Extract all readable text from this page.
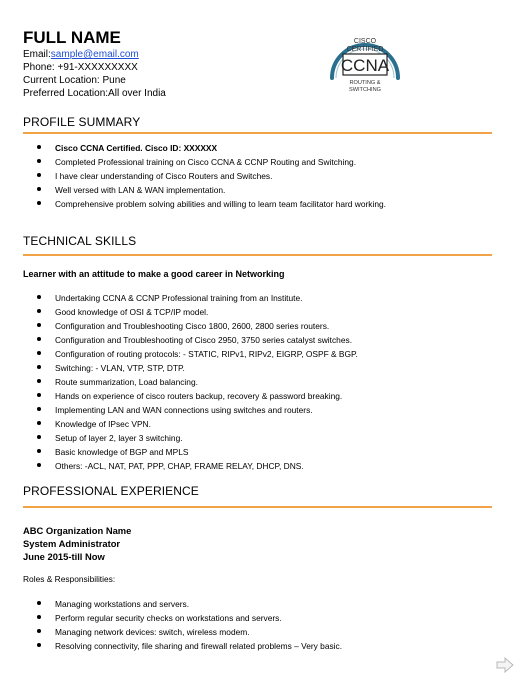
FULL NAME
Email:sample@email.com
Phone: +91-XXXXXXXXX
Current Location: Pune
Preferred Location:All over India
CISCO
CERTIFIED
CCNA
ROUTING &
SWITCHING
PROFILE SUMMARY
Cisco CCNA Certified. Cisco ID: XXXXXX
Completed Professional training on Cisco CCNA & CCNP Routing and Switching.
I have clear understanding of Cisco Routers and Switches.
Well versed with LAN & WAN implementation.
Comprehensive problem solving abilities and willing to learn team facilitator hard working.
TECHNICAL SKILLS
Learner with an attitude to make a good career in Networking
Undertaking CCNA & CCNP Professional training from an Institute.
Good knowledge of OSI & TCP/IP model.
Configuration and Troubleshooting Cisco 1800, 2600, 2800 series routers.
Configuration and Troubleshooting of Cisco 2950, 3750 series catalyst switches.
Configuration of routing protocols: - STATIC, RIPv1, RIPv2, EIGRP, OSPF & BGP.
Switching: - VLAN, VTP, STP, DTP.
Route summarization, Load balancing.
Hands on experience of cisco routers backup, recovery & password breaking.
Implementing LAN and WAN connections using switches and routers.
Knowledge of IPsec VPN.
Setup of layer 2, layer 3 switching.
Basic knowledge of BGP and MPLS
Others: -ACL, NAT, PAT, PPP, CHAP, FRAME RELAY, DHCP, DNS.
PROFESSIONAL EXPERIENCE
ABC Organization Name
System Administrator
June 2015-till Now
Roles & Responsibilities:
Managing workstations and servers.
Perform regular security checks on workstations and servers.
Managing network devices: switch, wireless modem.
Resolving connectivity, file sharing and firewall related problems – Very basic.
